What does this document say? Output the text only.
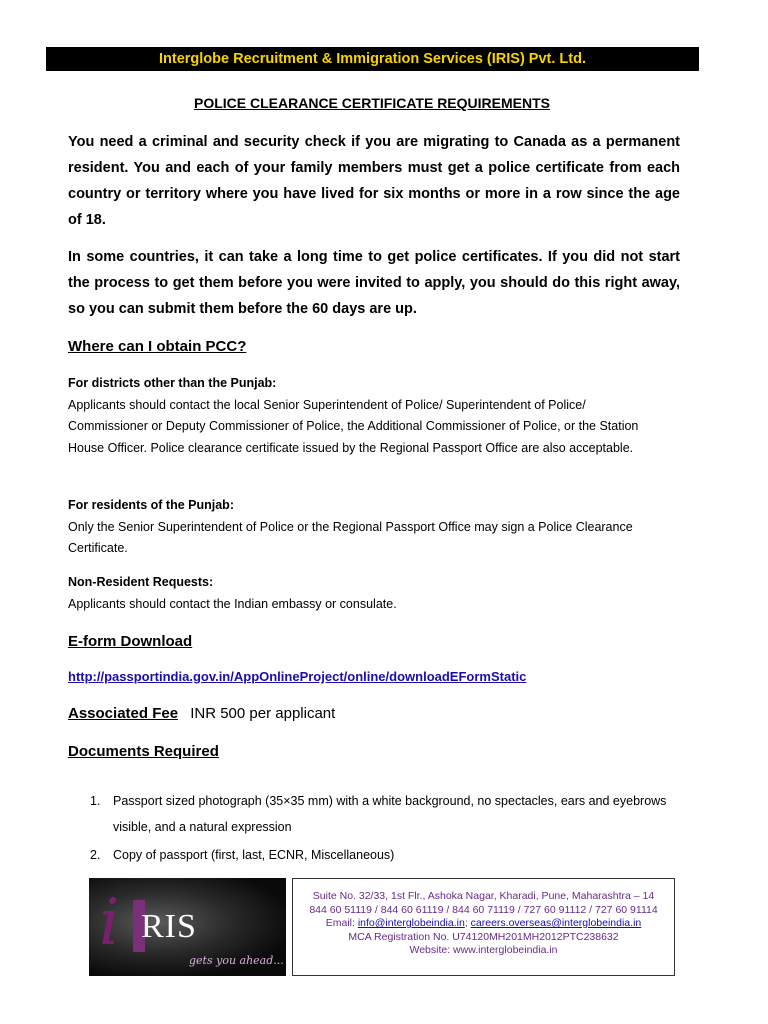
Interglobe Recruitment & Immigration Services (IRIS) Pvt. Ltd.
POLICE CLEARANCE CERTIFICATE REQUIREMENTS

You need a criminal and security check if you are migrating to Canada as a permanent resident. You and each of your family members must get a police certificate from each country or territory where you have lived for six months or more in a row since the age of 18.

In some countries, it can take a long time to get police certificates. If you did not start the process to get them before you were invited to apply, you should do this right away, so you can submit them before the 60 days are up.

Where can I obtain PCC?
For districts other than the Punjab:
Applicants should contact the local Senior Superintendent of Police/ Superintendent of Police/ Commissioner or Deputy Commissioner of Police, the Additional Commissioner of Police, or the Station House Officer. Police clearance certificate issued by the Regional Passport Office are also acceptable.
For residents of the Punjab:
Only the Senior Superintendent of Police or the Regional Passport Office may sign a Police Clearance Certificate.
Non-Resident Requests:
Applicants should contact the Indian embassy or consulate.
E-form Download
http://passportindia.gov.in/AppOnlineProject/online/downloadEFormStatic
Associated Fee INR 500 per applicant
Documents Required
1. Passport sized photograph (35×35 mm) with a white background, no spectacles, ears and eyebrows visible, and a natural expression
2. Copy of passport (first, last, ECNR, Miscellaneous)
i RIS
gets you ahead...
Suite No. 32/33, 1st Flr., Ashoka Nagar, Kharadi, Pune, Maharashtra – 14
844 60 51119 / 844 60 61119 / 844 60 71119 / 727 60 91112 / 727 60 91114
Email: info@interglobeindia.in; careers.overseas@interglobeindia.in
MCA Registration No. U74120MH201MH2012PTC238632
Website: www.interglobeindia.in
